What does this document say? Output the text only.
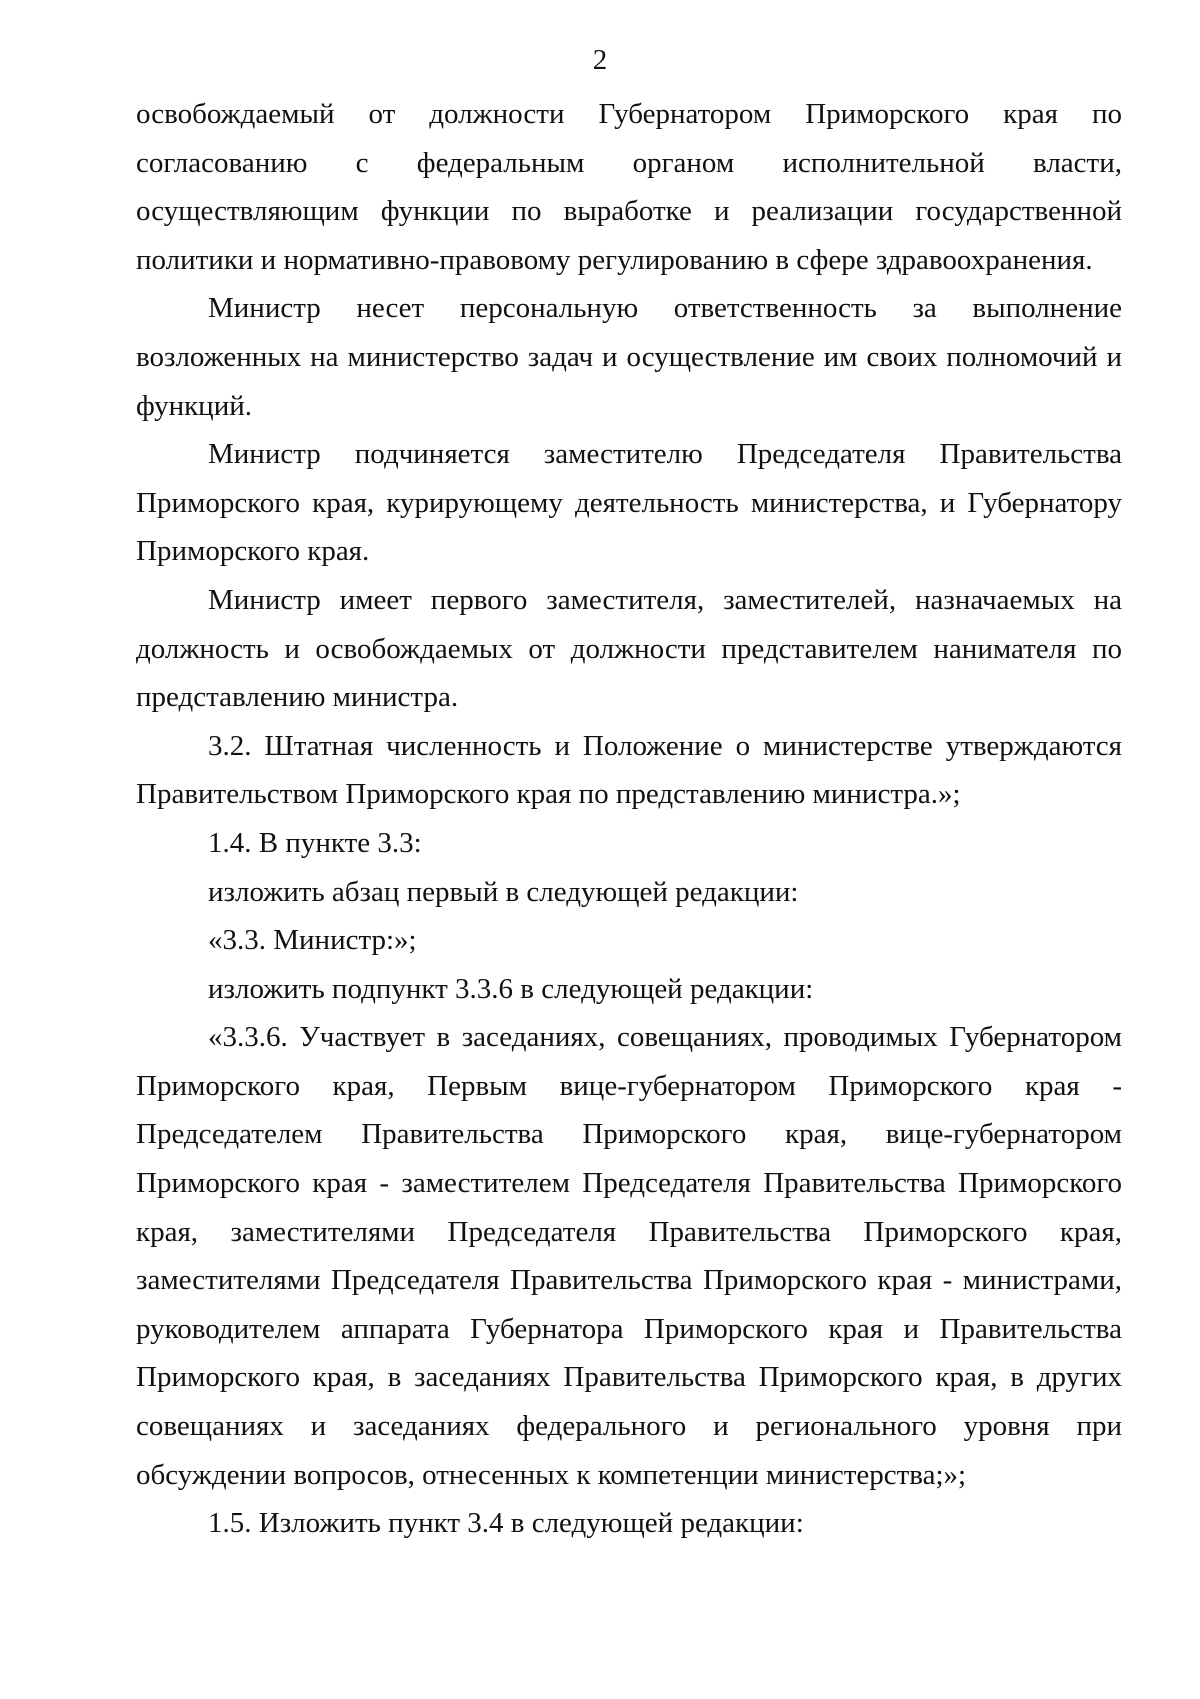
2

освобождаемый от должности Губернатором Приморского края по согласованию с федеральным органом исполнительной власти, осуществляющим функции по выработке и реализации государственной политики и нормативно-правовому регулированию в сфере здравоохранения.

Министр несет персональную ответственность за выполнение возложенных на министерство задач и осуществление им своих полномочий и функций.

Министр подчиняется заместителю Председателя Правительства Приморского края, курирующему деятельность министерства, и Губернатору Приморского края.

Министр имеет первого заместителя, заместителей, назначаемых на должность и освобождаемых от должности представителем нанимателя по представлению министра.

3.2. Штатная численность и Положение о министерстве утверждаются Правительством Приморского края по представлению министра.»;

1.4. В пункте 3.3:

изложить абзац первый в следующей редакции:

«3.3. Министр:»;

изложить подпункт 3.3.6 в следующей редакции:

«3.3.6. Участвует в заседаниях, совещаниях, проводимых Губернатором Приморского края, Первым вице-губернатором Приморского края - Председателем Правительства Приморского края, вице-губернатором Приморского края - заместителем Председателя Правительства Приморского края, заместителями Председателя Правительства Приморского края, заместителями Председателя Правительства Приморского края - министрами, руководителем аппарата Губернатора Приморского края и Правительства Приморского края, в заседаниях Правительства Приморского края, в других совещаниях и заседаниях федерального и регионального уровня при обсуждении вопросов, отнесенных к компетенции министерства;»;

1.5. Изложить пункт 3.4 в следующей редакции:
